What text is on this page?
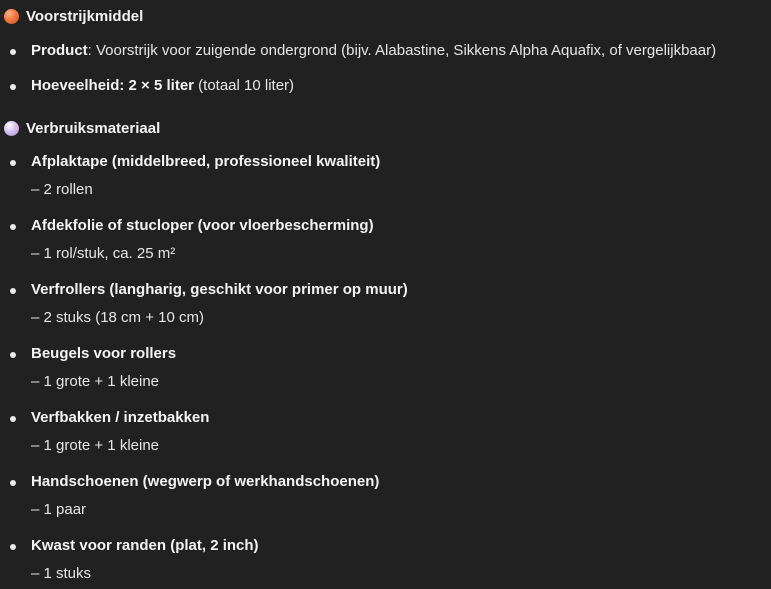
Voorstrijkmiddel
Product: Voorstrijk voor zuigende ondergrond (bijv. Alabastine, Sikkens Alpha Aquafix, of vergelijkbaar)
Hoeveelheid: 2 × 5 liter (totaal 10 liter)
Verbruiksmateriaal
Afplaktape (middelbreed, professioneel kwaliteit)
– 2 rollen
Afdekfolie of stucloper (voor vloerbescherming)
– 1 rol/stuk, ca. 25 m²
Verfrollers (langharig, geschikt voor primer op muur)
– 2 stuks (18 cm + 10 cm)
Beugels voor rollers
– 1 grote + 1 kleine
Verfbakken / inzetbakken
– 1 grote + 1 kleine
Handschoenen (wegwerp of werkhandschoenen)
– 1 paar
Kwast voor randen (plat, 2 inch)
– 1 stuks
